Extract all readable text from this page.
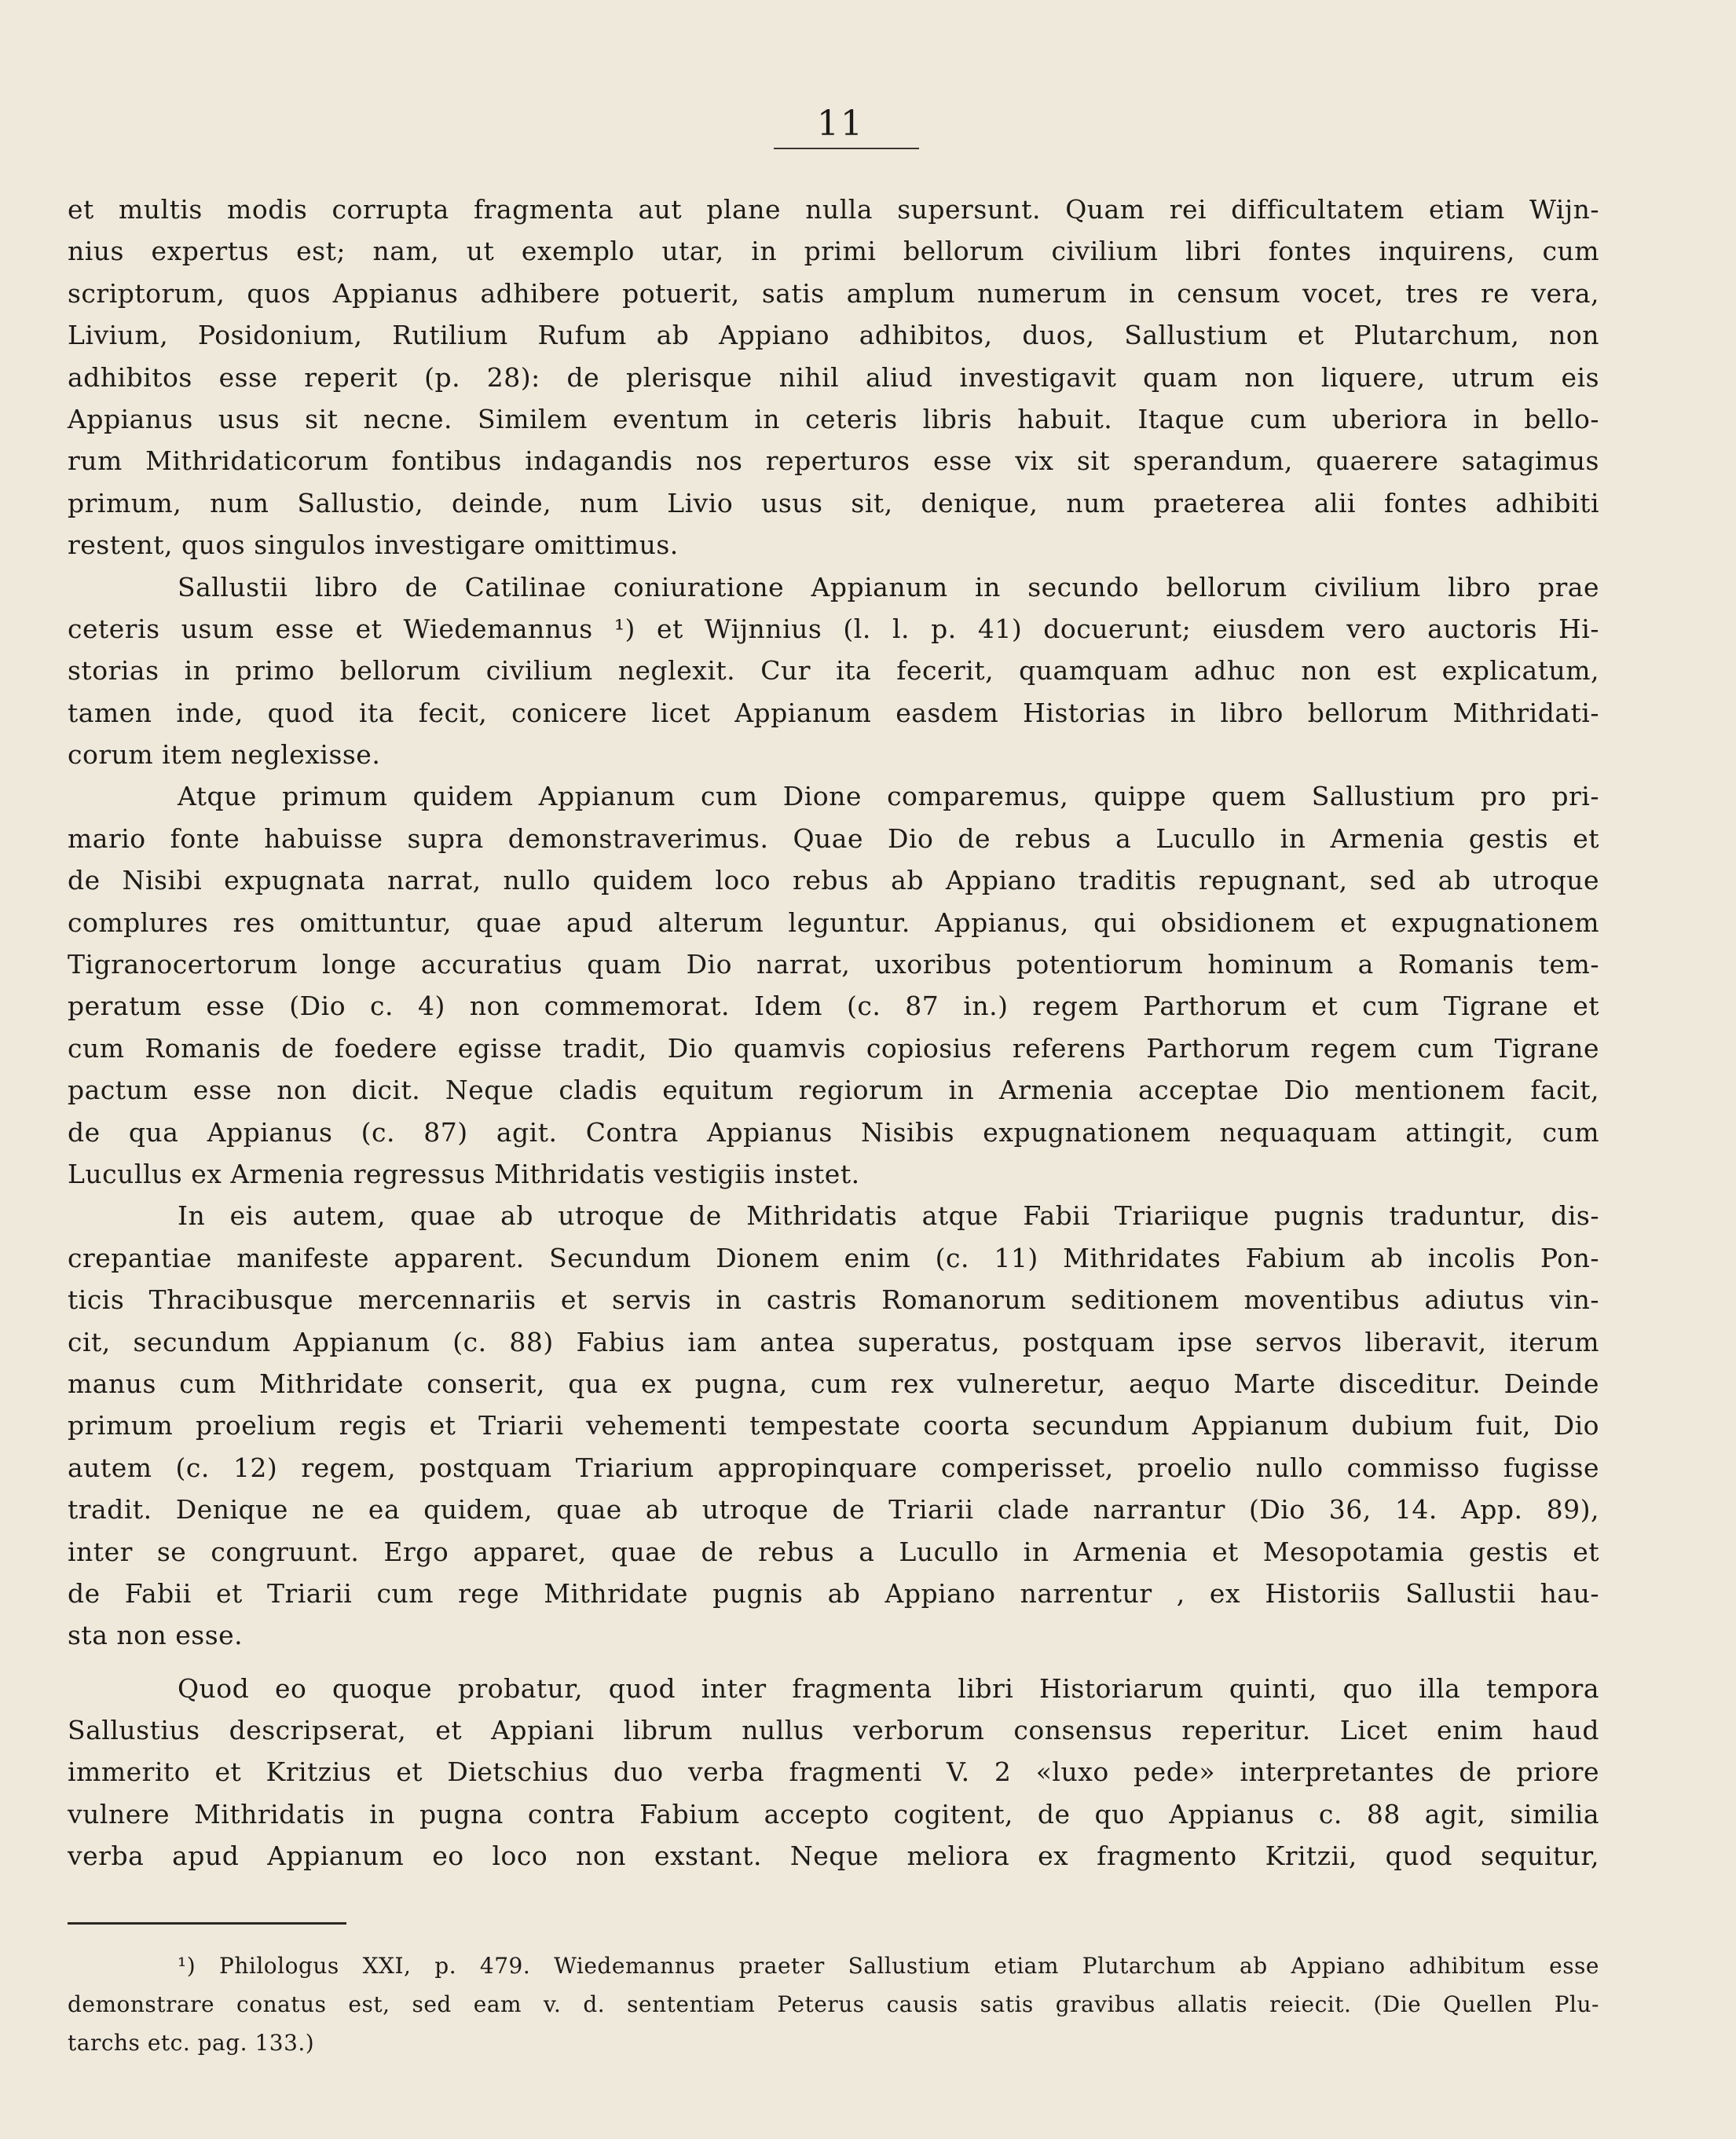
11
et multis modis corrupta fragmenta aut plane nulla supersunt. Quam rei difficultatem etiam Wijn-
nius expertus est; nam, ut exemplo utar, in primi bellorum civilium libri fontes inquirens, cum
scriptorum, quos Appianus adhibere potuerit, satis amplum numerum in censum vocet, tres re vera,
Livium, Posidonium, Rutilium Rufum ab Appiano adhibitos, duos, Sallustium et Plutarchum, non
adhibitos esse reperit (p. 28): de plerisque nihil aliud investigavit quam non liquere, utrum eis
Appianus usus sit necne. Similem eventum in ceteris libris habuit. Itaque cum uberiora in bello-
rum Mithridaticorum fontibus indagandis nos reperturos esse vix sit sperandum, quaerere satagimus
primum, num Sallustio, deinde, num Livio usus sit, denique, num praeterea alii fontes adhibiti
restent, quos singulos investigare omittimus.
Sallustii libro de Catilinae coniuratione Appianum in secundo bellorum civilium libro prae
ceteris usum esse et Wiedemannus ¹) et Wijnnius (l. l. p. 41) docuerunt; eiusdem vero auctoris Hi-
storias in primo bellorum civilium neglexit. Cur ita fecerit, quamquam adhuc non est explicatum,
tamen inde, quod ita fecit, conicere licet Appianum easdem Historias in libro bellorum Mithridati-
corum item neglexisse.
Atque primum quidem Appianum cum Dione comparemus, quippe quem Sallustium pro pri-
mario fonte habuisse supra demonstraverimus. Quae Dio de rebus a Lucullo in Armenia gestis et
de Nisibi expugnata narrat, nullo quidem loco rebus ab Appiano traditis repugnant, sed ab utroque
complures res omittuntur, quae apud alterum leguntur. Appianus, qui obsidionem et expugnationem
Tigranocertorum longe accuratius quam Dio narrat, uxoribus potentiorum hominum a Romanis tem-
peratum esse (Dio c. 4) non commemorat. Idem (c. 87 in.) regem Parthorum et cum Tigrane et
cum Romanis de foedere egisse tradit, Dio quamvis copiosius referens Parthorum regem cum Tigrane
pactum esse non dicit. Neque cladis equitum regiorum in Armenia acceptae Dio mentionem facit,
de qua Appianus (c. 87) agit. Contra Appianus Nisibis expugnationem nequaquam attingit, cum
Lucullus ex Armenia regressus Mithridatis vestigiis instet.
In eis autem, quae ab utroque de Mithridatis atque Fabii Triariique pugnis traduntur, dis-
crepantiae manifeste apparent. Secundum Dionem enim (c. 11) Mithridates Fabium ab incolis Pon-
ticis Thracibusque mercennariis et servis in castris Romanorum seditionem moventibus adiutus vin-
cit, secundum Appianum (c. 88) Fabius iam antea superatus, postquam ipse servos liberavit, iterum
manus cum Mithridate conserit, qua ex pugna, cum rex vulneretur, aequo Marte disceditur. Deinde
primum proelium regis et Triarii vehementi tempestate coorta secundum Appianum dubium fuit, Dio
autem (c. 12) regem, postquam Triarium appropinquare comperisset, proelio nullo commisso fugisse
tradit. Denique ne ea quidem, quae ab utroque de Triarii clade narrantur (Dio 36, 14. App. 89),
inter se congruunt. Ergo apparet, quae de rebus a Lucullo in Armenia et Mesopotamia gestis et
de Fabii et Triarii cum rege Mithridate pugnis ab Appiano narrentur , ex Historiis Sallustii hau-
sta non esse.
Quod eo quoque probatur, quod inter fragmenta libri Historiarum quinti, quo illa tempora
Sallustius descripserat, et Appiani librum nullus verborum consensus reperitur. Licet enim haud
immerito et Kritzius et Dietschius duo verba fragmenti V. 2 «luxo pede» interpretantes de priore
vulnere Mithridatis in pugna contra Fabium accepto cogitent, de quo Appianus c. 88 agit, similia
verba apud Appianum eo loco non exstant. Neque meliora ex fragmento Kritzii, quod sequitur,
¹) Philologus XXI, p. 479. Wiedemannus praeter Sallustium etiam Plutarchum ab Appiano adhibitum esse
demonstrare conatus est, sed eam v. d. sententiam Peterus causis satis gravibus allatis reiecit. (Die Quellen Plu-
tarchs etc. pag. 133.)
